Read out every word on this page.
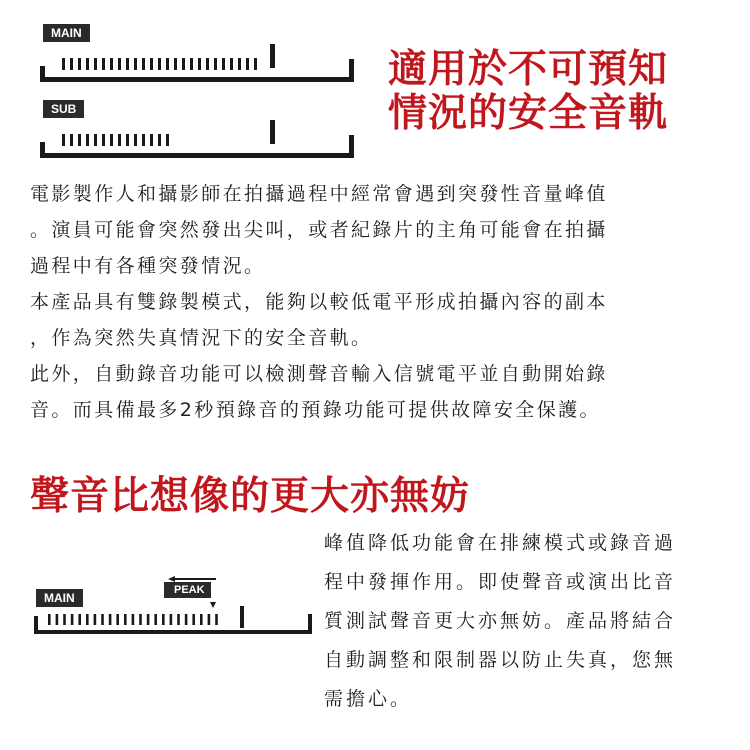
MAIN
SUB
適用於不可預知
情況的安全音軌
電影製作人和攝影師在拍攝過程中經常會遇到突發性音量峰值
。演員可能會突然發出尖叫，或者紀錄片的主角可能會在拍攝
過程中有各種突發情況。
本產品具有雙錄製模式，能夠以較低電平形成拍攝內容的副本
，作為突然失真情況下的安全音軌。
此外，自動錄音功能可以檢測聲音輸入信號電平並自動開始錄
音。而具備最多2秒預錄音的預錄功能可提供故障安全保護。
聲音比想像的更大亦無妨
MAIN
PEAK
峰值降低功能會在排練模式或錄音過
程中發揮作用。即使聲音或演出比音
質測試聲音更大亦無妨。產品將結合
自動調整和限制器以防止失真，您無
需擔心。
